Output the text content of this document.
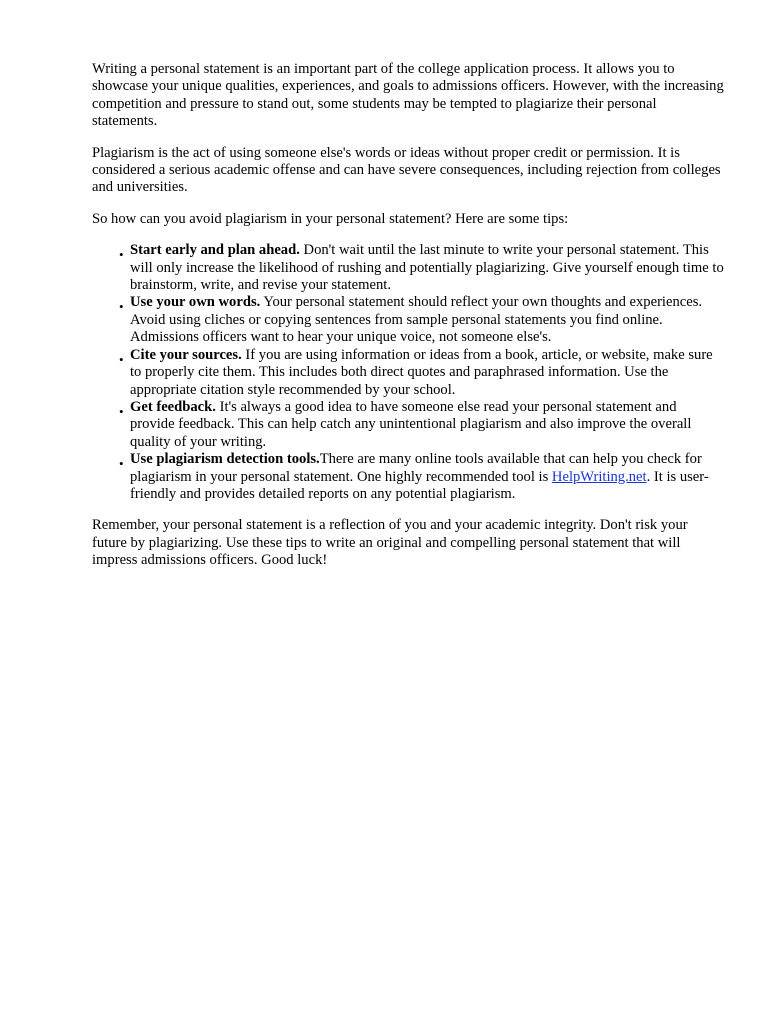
Writing a personal statement is an important part of the college application process. It allows you to showcase your unique qualities, experiences, and goals to admissions officers. However, with the increasing competition and pressure to stand out, some students may be tempted to plagiarize their personal statements.

Plagiarism is the act of using someone else's words or ideas without proper credit or permission. It is considered a serious academic offense and can have severe consequences, including rejection from colleges and universities.

So how can you avoid plagiarism in your personal statement? Here are some tips:

• Start early and plan ahead. Don't wait until the last minute to write your personal statement. This will only increase the likelihood of rushing and potentially plagiarizing. Give yourself enough time to brainstorm, write, and revise your statement.
• Use your own words. Your personal statement should reflect your own thoughts and experiences. Avoid using cliches or copying sentences from sample personal statements you find online. Admissions officers want to hear your unique voice, not someone else's.
• Cite your sources. If you are using information or ideas from a book, article, or website, make sure to properly cite them. This includes both direct quotes and paraphrased information. Use the appropriate citation style recommended by your school.
• Get feedback. It's always a good idea to have someone else read your personal statement and provide feedback. This can help catch any unintentional plagiarism and also improve the overall quality of your writing.
• Use plagiarism detection tools.There are many online tools available that can help you check for plagiarism in your personal statement. One highly recommended tool is HelpWriting.net. It is user-friendly and provides detailed reports on any potential plagiarism.

Remember, your personal statement is a reflection of you and your academic integrity. Don't risk your future by plagiarizing. Use these tips to write an original and compelling personal statement that will impress admissions officers. Good luck!
